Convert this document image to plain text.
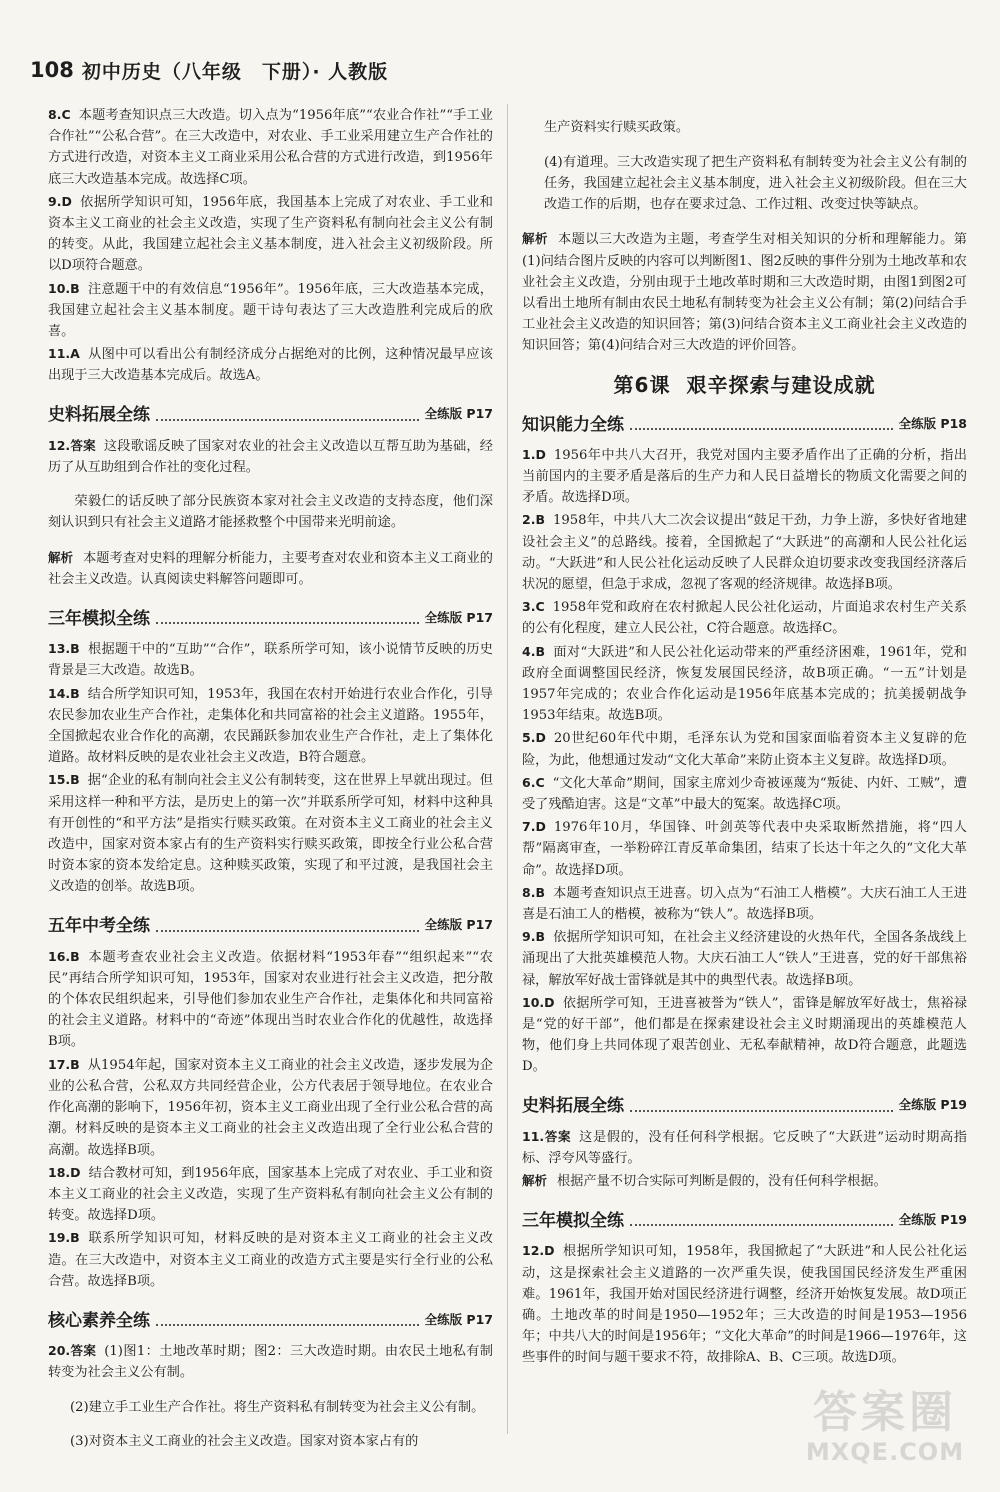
108 初中历史（八年级　下册）· 人教版

8.C 本题考查知识点三大改造。切入点为“1956年底”“农业合作社”“手工业合作社”“公私合营”。在三大改造中，对农业、手工业采用建立生产合作社的方式进行改造，对资本主义工商业采用公私合营的方式进行改造，到1956年底三大改造基本完成。故选择C项。

9.D 依据所学知识可知，1956年底，我国基本上完成了对农业、手工业和资本主义工商业的社会主义改造，实现了生产资料私有制向社会主义公有制的转变。从此，我国建立起社会主义基本制度，进入社会主义初级阶段。所以D项符合题意。

10.B 注意题干中的有效信息“1956年”。1956年底，三大改造基本完成，我国建立起社会主义基本制度。题干诗句表达了三大改造胜利完成后的欣喜。

11.A 从图中可以看出公有制经济成分占据绝对的比例，这种情况最早应该出现于三大改造基本完成后。故选A。

史料拓展全练	全练版 P17

12.答案 这段歌谣反映了国家对农业的社会主义改造以互帮互助为基础，经历了从互助组到合作社的变化过程。

荣毅仁的话反映了部分民族资本家对社会主义改造的支持态度，他们深刻认识到只有社会主义道路才能拯救整个中国带来光明前途。

解析 本题考查对史料的理解分析能力，主要考查对农业和资本主义工商业的社会主义改造。认真阅读史料解答问题即可。

三年模拟全练	全练版 P17

13.B 根据题干中的“互助”“合作”，联系所学可知，该小说情节反映的历史背景是三大改造。故选B。

14.B 结合所学知识可知，1953年，我国在农村开始进行农业合作化，引导农民参加农业生产合作社，走集体化和共同富裕的社会主义道路。1955年，全国掀起农业合作化的高潮，农民踊跃参加农业生产合作社，走上了集体化道路。故材料反映的是农业社会主义改造，B符合题意。

15.B 据“企业的私有制向社会主义公有制转变，这在世界上早就出现过。但采用这样一种和平方法，是历史上的第一次”并联系所学可知，材料中这种具有开创性的“和平方法”是指实行赎买政策。在对资本主义工商业的社会主义改造中，国家对资本家占有的生产资料实行赎买政策，即按全行业公私合营时资本家的资本发给定息。这种赎买政策，实现了和平过渡，是我国社会主义改造的创举。故选B项。

五年中考全练	全练版 P17

16.B 本题考查农业社会主义改造。依据材料“1953年春”“组织起来”“农民”再结合所学知识可知，1953年，国家对农业进行社会主义改造，把分散的个体农民组织起来，引导他们参加农业生产合作社，走集体化和共同富裕的社会主义道路。材料中的“奇迹”体现出当时农业合作化的优越性，故选择B项。

17.B 从1954年起，国家对资本主义工商业的社会主义改造，逐步发展为企业的公私合营，公私双方共同经营企业，公方代表居于领导地位。在农业合作化高潮的影响下，1956年初，资本主义工商业出现了全行业公私合营的高潮。材料反映的是资本主义工商业的社会主义改造出现了全行业公私合营的高潮。故选择B项。

18.D 结合教材可知，到1956年底，国家基本上完成了对农业、手工业和资本主义工商业的社会主义改造，实现了生产资料私有制向社会主义公有制的转变。故选择D项。

19.B 联系所学知识可知，材料反映的是对资本主义工商业的社会主义改造。在三大改造中，对资本主义工商业的改造方式主要是实行全行业的公私合营。故选择B项。

核心素养全练	全练版 P17

20.答案 (1)图1：土地改革时期；图2：三大改造时期。由农民土地私有制转变为社会主义公有制。

(2)建立手工业生产合作社。将生产资料私有制转变为社会主义公有制。

(3)对资本主义工商业的社会主义改造。国家对资本家占有的

生产资料实行赎买政策。

(4)有道理。三大改造实现了把生产资料私有制转变为社会主义公有制的任务，我国建立起社会主义基本制度，进入社会主义初级阶段。但在三大改造工作的后期，也存在要求过急、工作过粗、改变过快等缺点。

解析 本题以三大改造为主题，考查学生对相关知识的分析和理解能力。第(1)问结合图片反映的内容可以判断图1、图2反映的事件分别为土地改革和农业社会主义改造，分别由现于土地改革时期和三大改造时期，由图1到图2可以看出土地所有制由农民土地私有制转变为社会主义公有制；第(2)问结合手工业社会主义改造的知识回答；第(3)问结合资本主义工商业社会主义改造的知识回答；第(4)问结合对三大改造的评价回答。

第6课 艰辛探索与建设成就
知识能力全练	全练版 P18

1.D 1956年中共八大召开，我党对国内主要矛盾作出了正确的分析，指出当前国内的主要矛盾是落后的生产力和人民日益增长的物质文化需要之间的矛盾。故选择D项。

2.B 1958年，中共八大二次会议提出“鼓足干劲，力争上游，多快好省地建设社会主义”的总路线。接着，全国掀起了“大跃进”的高潮和人民公社化运动。“大跃进”和人民公社化运动反映了人民群众迫切要求改变我国经济落后状况的愿望，但急于求成，忽视了客观的经济规律。故选择B项。

3.C 1958年党和政府在农村掀起人民公社化运动，片面追求农村生产关系的公有化程度，建立人民公社，C符合题意。故选择C。

4.B 面对“大跃进”和人民公社化运动带来的严重经济困难，1961年，党和政府全面调整国民经济，恢复发展国民经济，故B项正确。“一五”计划是1957年完成的；农业合作化运动是1956年底基本完成的；抗美援朝战争1953年结束。故选B项。

5.D 20世纪60年代中期，毛泽东认为党和国家面临着资本主义复辟的危险，为此，他想通过发动“文化大革命”来防止资本主义复辟。故选择D项。

6.C “文化大革命”期间，国家主席刘少奇被诬蔑为“叛徒、内奸、工贼”，遭受了残酷迫害。这是“文革”中最大的冤案。故选择C项。

7.D 1976年10月，华国锋、叶剑英等代表中央采取断然措施，将“四人帮”隔离审查，一举粉碎江青反革命集团，结束了长达十年之久的“文化大革命”。故选择D项。

8.B 本题考查知识点王进喜。切入点为“石油工人楷模”。大庆石油工人王进喜是石油工人的楷模，被称为“铁人”。故选择B项。

9.B 依据所学知识可知，在社会主义经济建设的火热年代，全国各条战线上涌现出了大批英雄模范人物。大庆石油工人“铁人”王进喜，党的好干部焦裕禄，解放军好战士雷锋就是其中的典型代表。故选择B项。

10.D 依据所学可知，王进喜被誉为“铁人”，雷锋是解放军好战士，焦裕禄是“党的好干部”，他们都是在探索建设社会主义时期涌现出的英雄模范人物，他们身上共同体现了艰苦创业、无私奉献精神，故D符合题意，此题选D。

史料拓展全练	全练版 P19

11.答案 这是假的，没有任何科学根据。它反映了“大跃进”运动时期高指标、浮夸风等盛行。

解析 根据产量不切合实际可判断是假的，没有任何科学根据。

三年模拟全练	全练版 P19

12.D 根据所学知识可知，1958年，我国掀起了“大跃进”和人民公社化运动，这是探索社会主义道路的一次严重失误，使我国国民经济发生严重困难。1961年，我国开始对国民经济进行调整，经济开始恢复发展。故D项正确。土地改革的时间是1950—1952年；三大改造的时间是1953—1956年；中共八大的时间是1956年；“文化大革命”的时间是1966—1976年，这些事件的时间与题干要求不符，故排除A、B、C三项。故选D项。

答案圈
MXQE.COM
